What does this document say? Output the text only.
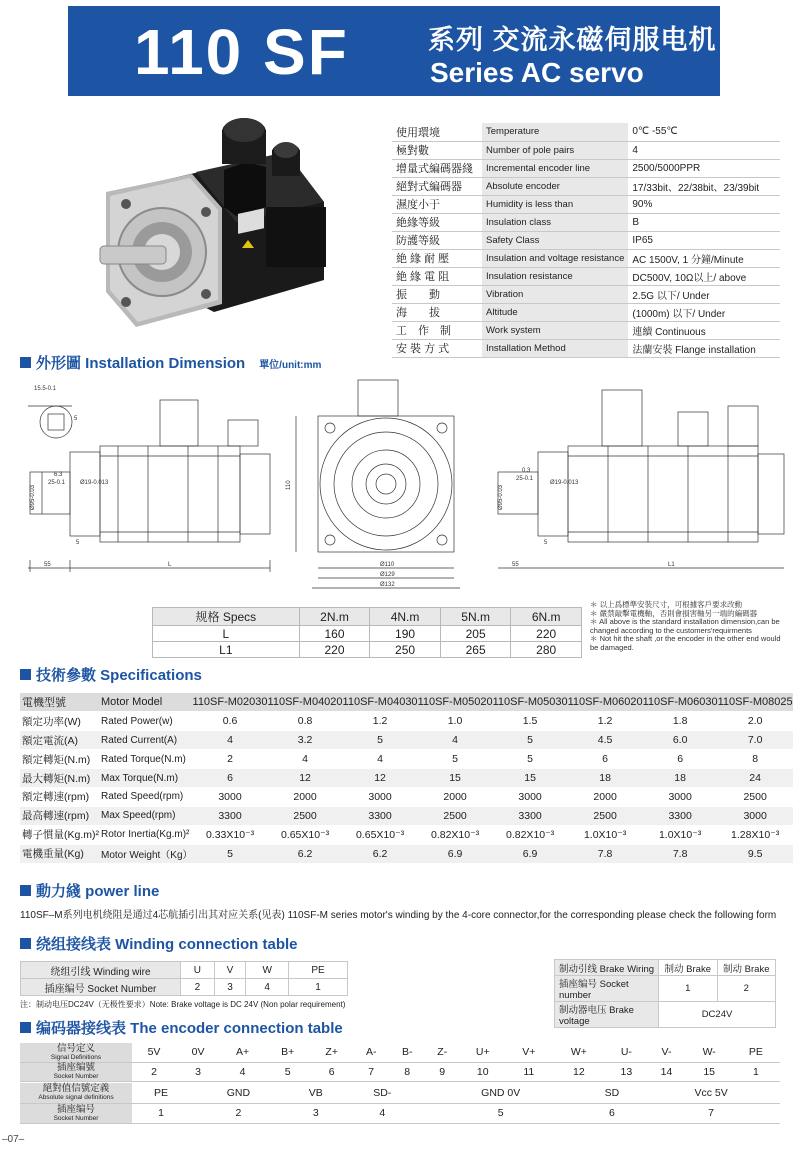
110 SF	系列 交流永磁伺服电机
Series AC servo motor
使用環境	Temperature	0℃ -55℃
極對數	Number of pole pairs	4
增量式編碼器綫	Incremental encoder line	2500/5000PPR
絕對式編碼器	Absolute encoder	17/33bit、22/38bit、23/39bit
濕度小于	Humidity is less than	90%
絶緣等級	Insulation class	B
防護等級	Safety Class	IP65
絶 緣 耐 壓	Insulation and voltage resistance	AC 1500V, 1 分鐘/Minute
絶 緣 電 阻	Insulation resistance	DC500V, 10Ω以上/ above
振　　動	Vibration	2.5G 以下/ Under
海　　拔	Altitude	(1000m) 以下/ Under
工　作　制	Work system	連續 Continuous
安 裝 方 式	Installation Method	法蘭安裝 Flange installation
外形圖 Installation Dimension 單位/unit:mm
15.5-0.1
5
6.3
25-0.1 Ø19-0.013
Ø95-0.03
5
55	L
110
Ø110
Ø129
Ø132
0.3
25-0.1
Ø19-0.013
Ø95-0.03
5
55	L1
规格 Specs	2N.m	4N.m	5N.m	6N.m
L	160	190	205	220
L1	220	250	265	280
＊ 以上爲標準安裝尺寸，可根據客戶要求改動
＊ 嚴禁敲擊電機軸，否則會損害軸另一端的編碼器
＊ All above is the standard installation dimension,can be changed according to the customers'requirments
＊ Not hit the shaft ,or the encoder in the other end would be damaged.
技術參數 Specifications
電機型號	Motor Model	110SF-M02030	110SF-M04020	110SF-M04030	110SF-M05020	110SF-M05030	110SF-M06020	110SF-M06030	110SF-M08025
額定功率(W)	Rated Power(w)	0.6	0.8	1.2	1.0	1.5	1.2	1.8	2.0
額定電流(A)	Rated Current(A)	4	3.2	5	4	5	4.5	6.0	7.0
額定轉矩(N.m)	Rated Torque(N.m)	2	4	4	5	5	6	6	8
最大轉矩(N.m)	Max Torque(N.m)	6	12	12	15	15	18	18	24
額定轉速(rpm)	Rated Speed(rpm)	3000	2000	3000	2000	3000	2000	3000	2500
最高轉速(rpm)	Max Speed(rpm)	3300	2500	3300	2500	3300	2500	3300	3000
轉子慣量(Kg.m)²	Rotor Inertia(Kg.m)²	0.33X10⁻³	0.65X10⁻³	0.65X10⁻³	0.82X10⁻³	0.82X10⁻³	1.0X10⁻³	1.0X10⁻³	1.28X10⁻³
電機重量(Kg)	Motor Weight（Kg）	5	6.2	6.2	6.9	6.9	7.8	7.8	9.5
動力綫 power line
110SF–M系列电机绕阻是通过4芯航插引出其对应关系(见表) 110SF-M series motor's winding by the 4-core connector,for the corresponding please check the following form
绕组接线表 Winding connection table
绕组引线 Winding wire	U	V	W	PE
插座编号 Socket Number	2	3	4	1
注：制动电压DC24V（无极性要求）Note: Brake voltage is DC 24V (Non polar requirement)
制动引线 Brake Wiring	制动 Brake	制动 Brake
插座编号 Socket number	1	2
制动器电压 Brake voltage	DC24V	
编码器接线表 The encoder connection table
信号定义
Signal Definitions	5V	0V	A+	B+	Z+	A-	B-	Z-	U+	V+	W+	U-	V-	W-	PE
插座编號
Socket Number	2	3	4	5	6	7	8	9	10	11	12	13	14	15	1
絕對值信號定義
Absolute signal definitions	PE	GND	VB	SD-	GND 0V	SD	Vcc 5V
插座编号
Socket Number	1	2	3	4	5	6	7
–07–
